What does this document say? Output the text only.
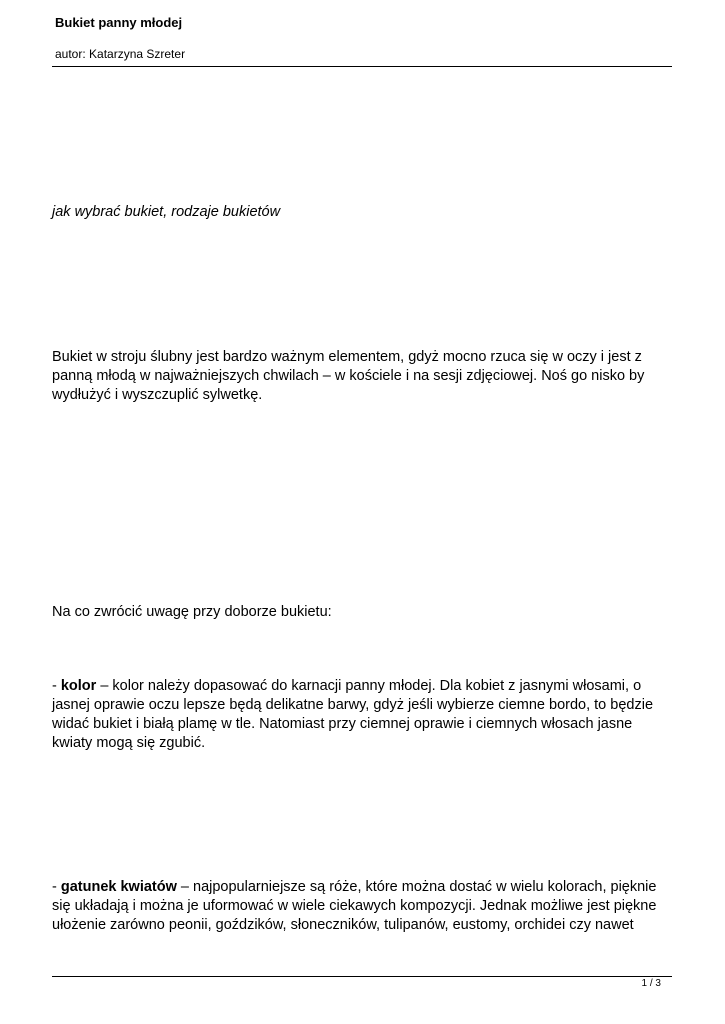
Bukiet panny młodej

autor: Katarzyna Szreter

jak wybrać bukiet, rodzaje bukietów

Bukiet w stroju ślubny jest bardzo ważnym elementem, gdyż mocno rzuca się w oczy i jest z panną młodą w najważniejszych chwilach – w kościele i na sesji zdjęciowej. Noś go nisko by wydłużyć i wyszczuplić sylwetkę.

Na co zwrócić uwagę przy doborze bukietu:

- kolor – kolor należy dopasować do karnacji panny młodej. Dla kobiet z jasnymi włosami, o jasnej oprawie oczu lepsze będą delikatne barwy, gdyż jeśli wybierze ciemne bordo, to będzie widać bukiet i białą plamę w tle. Natomiast przy ciemnej oprawie i ciemnych włosach jasne kwiaty mogą się zgubić.

- gatunek kwiatów – najpopularniejsze są róże, które można dostać w wielu kolorach, pięknie się układają i można je uformować w wiele ciekawych kompozycji. Jednak możliwe jest piękne ułożenie zarówno peonii, goździków, słoneczników, tulipanów, eustomy, orchidei czy nawet

1 / 3
